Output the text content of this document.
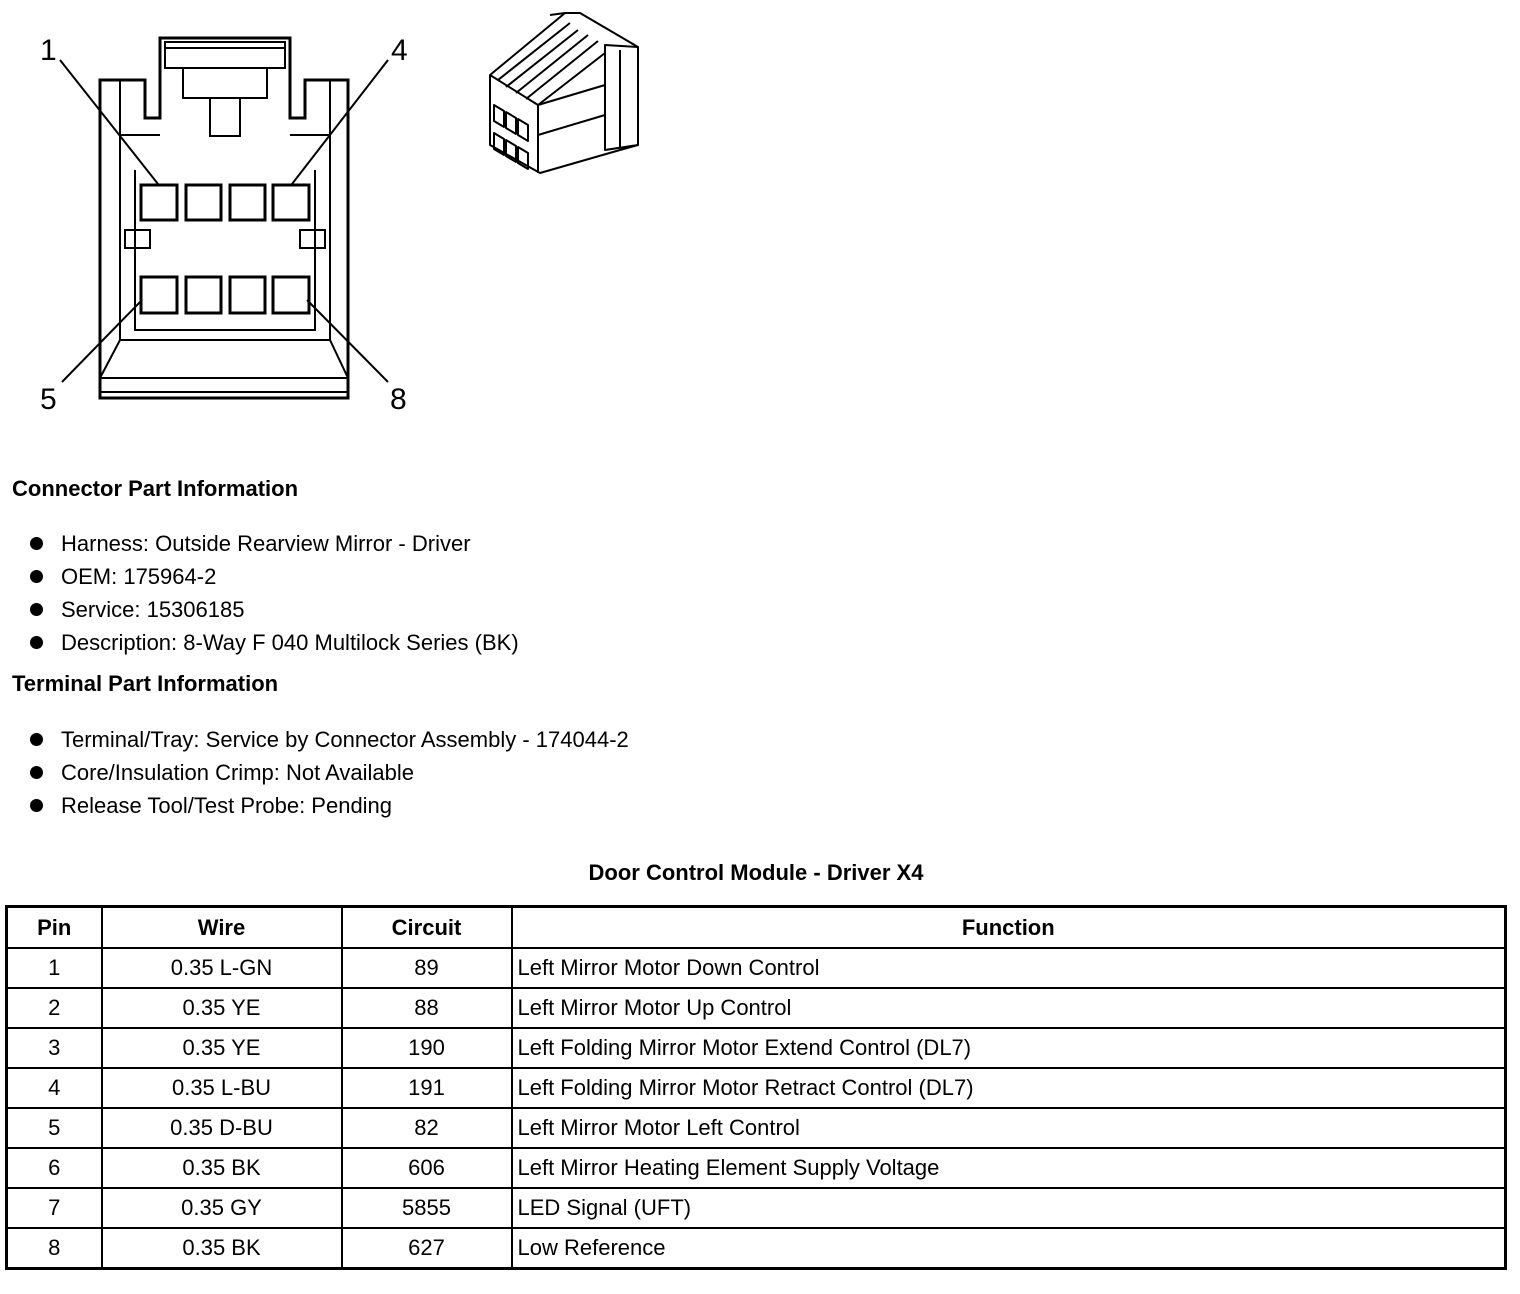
1	4
5	8
Connector Part Information
Harness: Outside Rearview Mirror - Driver
OEM: 175964-2
Service: 15306185
Description: 8-Way F 040 Multilock Series (BK)
Terminal Part Information
Terminal/Tray: Service by Connector Assembly - 174044-2
Core/Insulation Crimp: Not Available
Release Tool/Test Probe: Pending
Door Control Module - Driver X4
Pin	Wire	Circuit	Function
1	0.35 L-GN	89	Left Mirror Motor Down Control
2	0.35 YE	88	Left Mirror Motor Up Control
3	0.35 YE	190	Left Folding Mirror Motor Extend Control (DL7)
4	0.35 L-BU	191	Left Folding Mirror Motor Retract Control (DL7)
5	0.35 D-BU	82	Left Mirror Motor Left Control
6	0.35 BK	606	Left Mirror Heating Element Supply Voltage
7	0.35 GY	5855	LED Signal (UFT)
8	0.35 BK	627	Low Reference
